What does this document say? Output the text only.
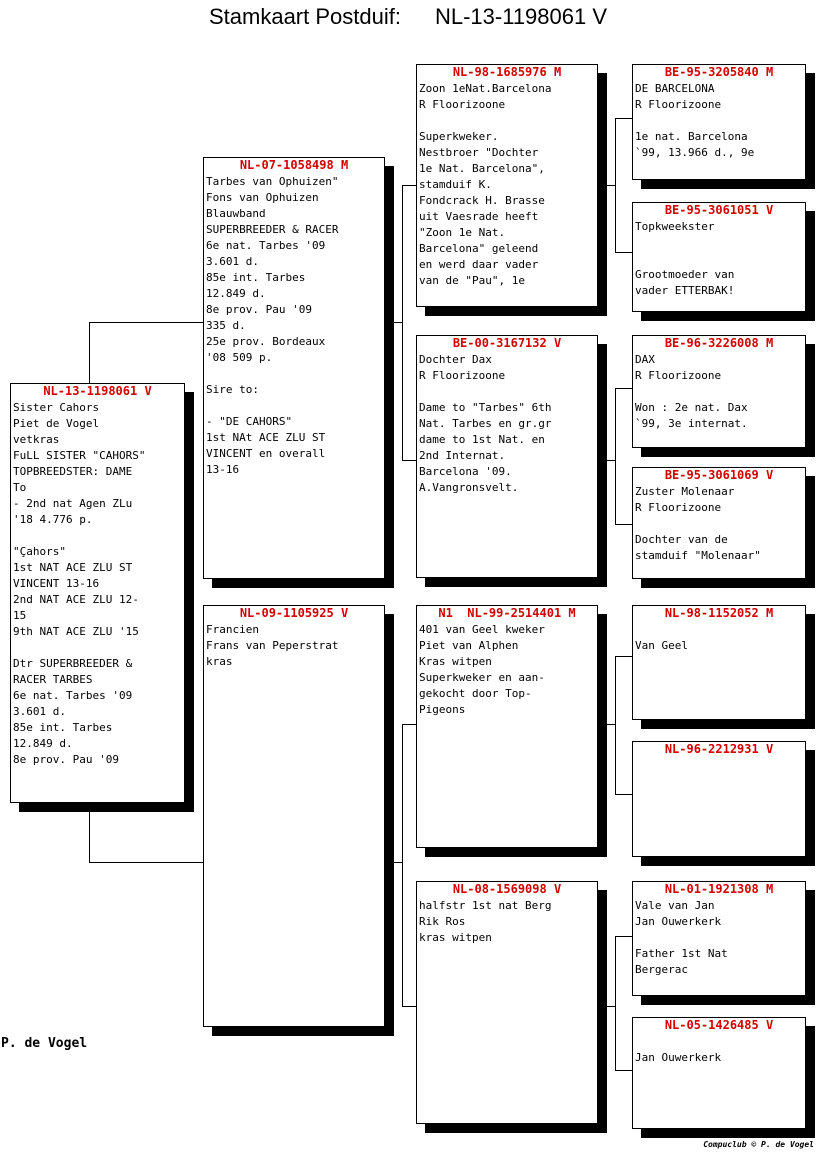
Stamkaart Postduif: NL-13-1198061 V
NL-13-1198061 V
Sister Cahors
Piet de Vogel
vetkras
FuLL SISTER "CAHORS"
TOPBREEDSTER: DAME
To
- 2nd nat Agen ZLu
'18 4.776 p.

"Çahors"
1st NAT ACE ZLU ST
VINCENT 13-16
2nd NAT ACE ZLU 12-
15
9th NAT ACE ZLU '15

Dtr SUPERBREEDER &
RACER TARBES
6e nat. Tarbes '09
3.601 d.
85e int. Tarbes
12.849 d.
8e prov. Pau '09
NL-07-1058498 M
Tarbes van Ophuizen"
Fons van Ophuizen
Blauwband
SUPERBREEDER & RACER
6e nat. Tarbes '09
3.601 d.
85e int. Tarbes
12.849 d.
8e prov. Pau '09
335 d.
25e prov. Bordeaux
'08 509 p.

Sire to:

- "DE CAHORS"
1st NAt ACE ZLU ST
VINCENT en overall
13-16
NL-09-1105925 V
Francien
Frans van Peperstrat
kras
NL-98-1685976 M
Zoon 1eNat.Barcelona
R Floorizoone

Superkweker.
Nestbroer "Dochter
1e Nat. Barcelona",
stamduif K.
Fondcrack H. Brasse
uit Vaesrade heeft
"Zoon 1e Nat.
Barcelona" geleend
en werd daar vader
van de "Pau", 1e
BE-00-3167132 V
Dochter Dax
R Floorizoone

Dame to "Tarbes" 6th
Nat. Tarbes en gr.gr
dame to 1st Nat. en
2nd Internat.
Barcelona '09.
A.Vangronsvelt.
N1  NL-99-2514401 M
401 van Geel kweker
Piet van Alphen
Kras witpen
Superkweker en aan-
gekocht door Top-
Pigeons
NL-08-1569098 V
halfstr 1st nat Berg
Rik Ros
kras witpen
BE-95-3205840 M
DE BARCELONA
R Floorizoone

1e nat. Barcelona
`99, 13.966 d., 9e
BE-95-3061051 V
Topkweekster

Grootmoeder van
vader ETTERBAK!
BE-96-3226008 M
DAX
R Floorizoone

Won : 2e nat. Dax
`99, 3e internat.
BE-95-3061069 V
Zuster Molenaar
R Floorizoone

Dochter van de
stamduif "Molenaar"
NL-98-1152052 M

Van Geel
NL-96-2212931 V
NL-01-1921308 M
Vale van Jan
Jan Ouwerkerk

Father 1st Nat
Bergerac
NL-05-1426485 V

Jan Ouwerkerk
P. de Vogel
Compuclub © P. de Vogel
